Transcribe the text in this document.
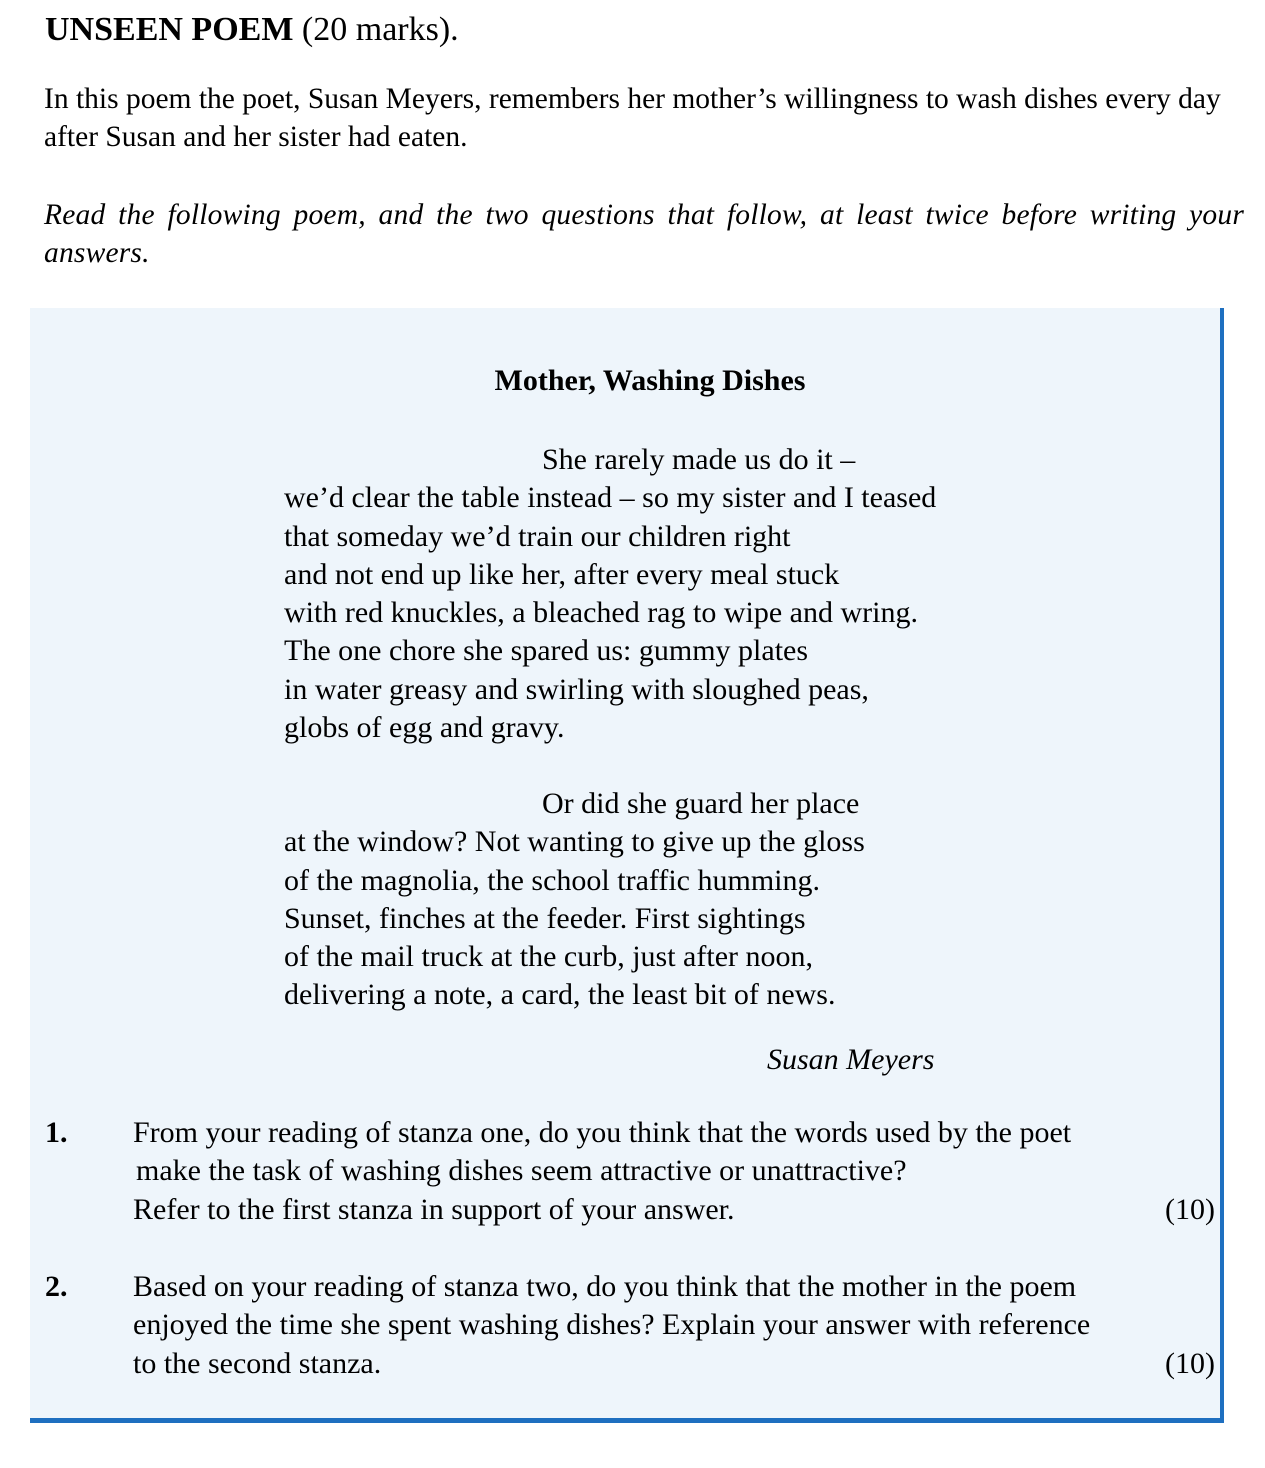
UNSEEN POEM (20 marks).

In this poem the poet, Susan Meyers, remembers her mother’s willingness to wash dishes every day after Susan and her sister had eaten.

Read the following poem, and the two questions that follow, at least twice before writing your answers.

Mother, Washing Dishes
She rarely made us do it –
we’d clear the table instead – so my sister and I teased
that someday we’d train our children right
and not end up like her, after every meal stuck
with red knuckles, a bleached rag to wipe and wring.
The one chore she spared us: gummy plates
in water greasy and swirling with sloughed peas,
globs of egg and gravy.
Or did she guard her place
at the window? Not wanting to give up the gloss
of the magnolia, the school traffic humming.
Sunset, finches at the feeder. First sightings
of the mail truck at the curb, just after noon,
delivering a note, a card, the least bit of news.
Susan Meyers
1. From your reading of stanza one, do you think that the words used by the poet
make the task of washing dishes seem attractive or unattractive?
Refer to the first stanza in support of your answer.	(10)
2. Based on your reading of stanza two, do you think that the mother in the poem
enjoyed the time she spent washing dishes? Explain your answer with reference
to the second stanza.	(10)
